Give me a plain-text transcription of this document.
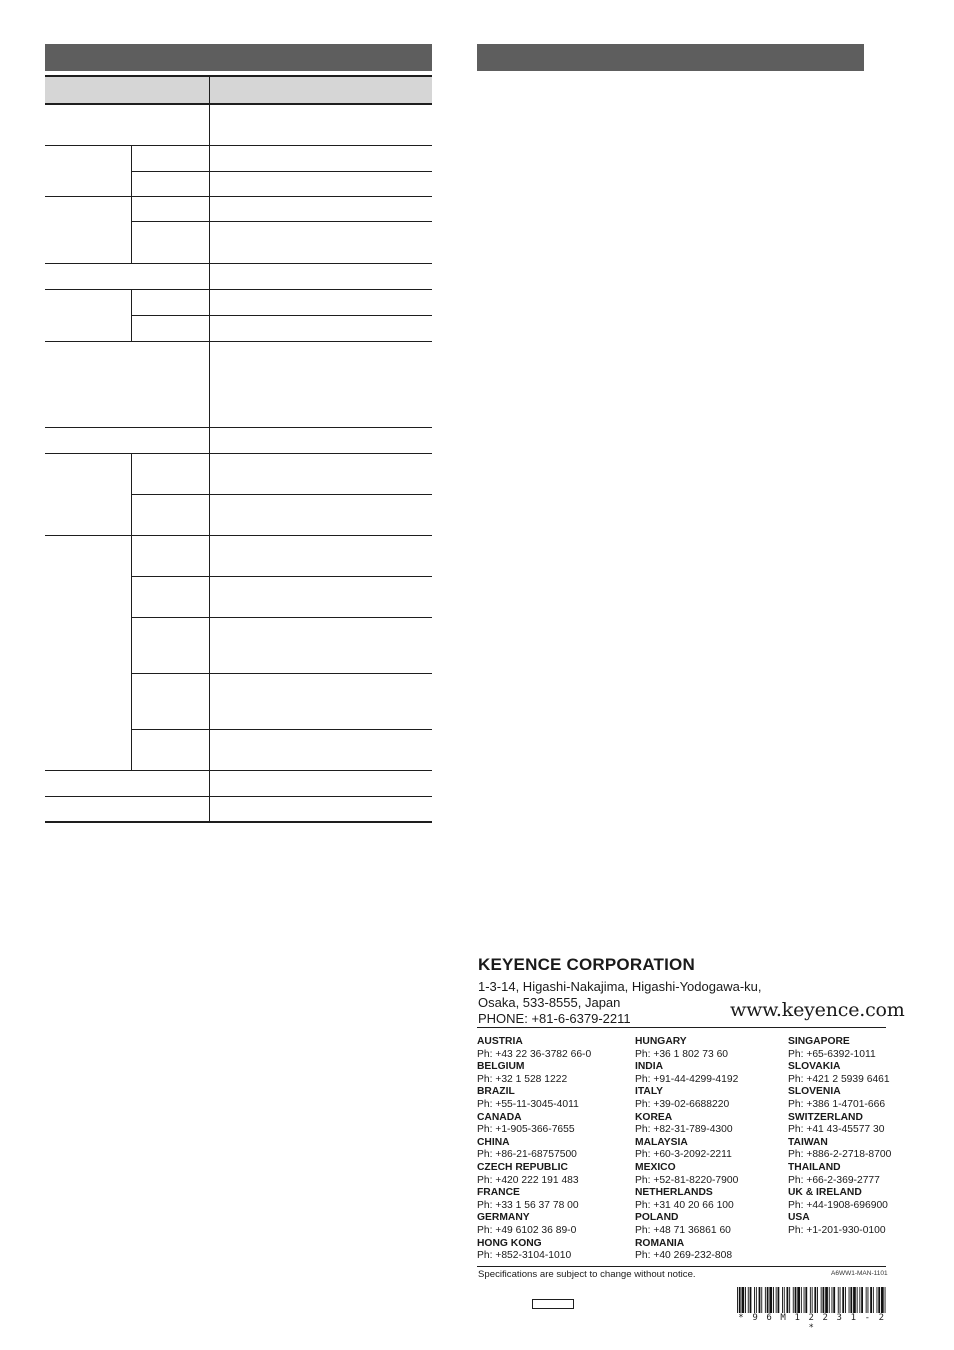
KEYENCE CORPORATION
1-3-14, Higashi-Nakajima, Higashi-Yodogawa-ku,
Osaka, 533-8555, Japan
PHONE: +81-6-6379-2211	www.keyence.com
AUSTRIA
Ph: +43 22 36-3782 66-0
BELGIUM
Ph: +32 1 528 1222
BRAZIL
Ph: +55-11-3045-4011
CANADA
Ph: +1-905-366-7655
CHINA
Ph: +86-21-68757500
CZECH REPUBLIC
Ph: +420 222 191 483
FRANCE
Ph: +33 1 56 37 78 00
GERMANY
Ph: +49 6102 36 89-0
HONG KONG
Ph: +852-3104-1010
HUNGARY
Ph: +36 1 802 73 60
INDIA
Ph: +91-44-4299-4192
ITALY
Ph: +39-02-6688220
KOREA
Ph: +82-31-789-4300
MALAYSIA
Ph: +60-3-2092-2211
MEXICO
Ph: +52-81-8220-7900
NETHERLANDS
Ph: +31 40 20 66 100
POLAND
Ph: +48 71 36861 60
ROMANIA
Ph: +40 269-232-808
SINGAPORE
Ph: +65-6392-1011
SLOVAKIA
Ph: +421 2 5939 6461
SLOVENIA
Ph: +386 1-4701-666
SWITZERLAND
Ph: +41 43-45577 30
TAIWAN
Ph: +886-2-2718-8700
THAILAND
Ph: +66-2-369-2777
UK & IRELAND
Ph: +44-1908-696900
USA
Ph: +1-201-930-0100
Specifications are subject to change without notice.	A6WW1-MAN-1101
* 9 6 M 1 2 2 3 1 - 2 *
